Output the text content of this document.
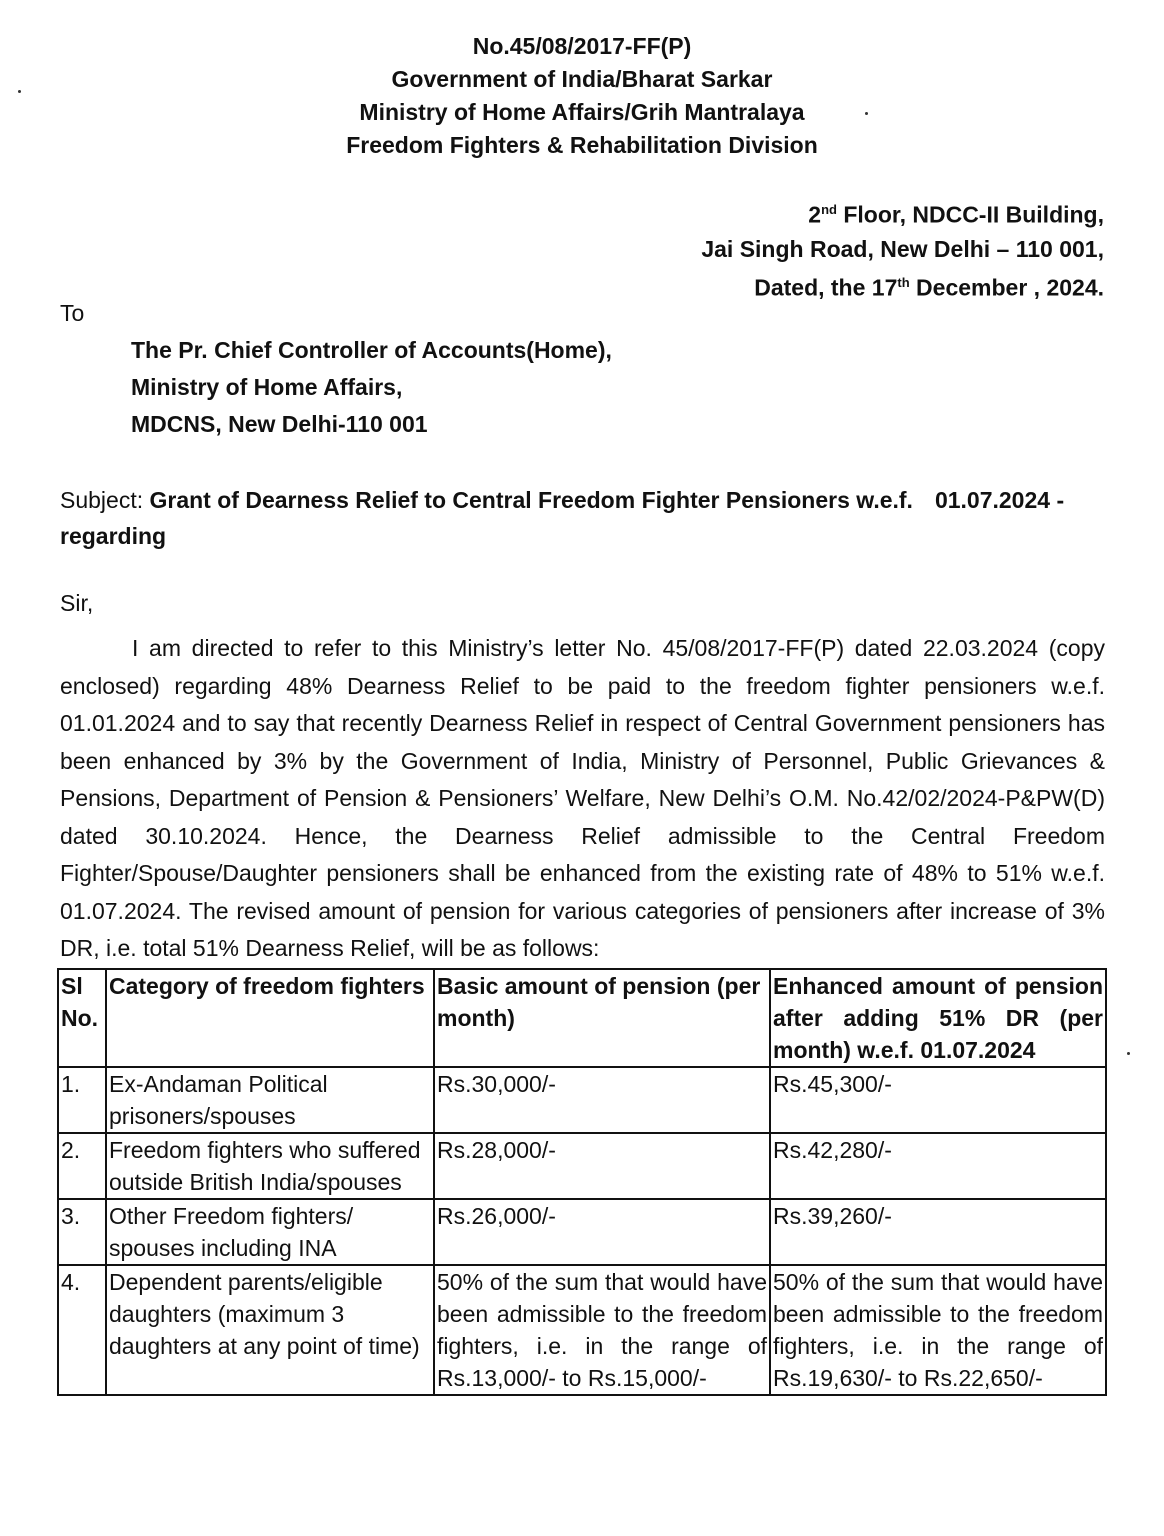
No.45/08/2017-FF(P)
Government of India/Bharat Sarkar
Ministry of Home Affairs/Grih Mantralaya
Freedom Fighters & Rehabilitation Division
2nd Floor, NDCC-II Building,
Jai Singh Road, New Delhi – 110 001,
Dated, the 17th December , 2024.
To
The Pr. Chief Controller of Accounts(Home),
Ministry of Home Affairs,
MDCNS, New Delhi-110 001
Subject: Grant of Dearness Relief to Central Freedom Fighter Pensioners w.e.f. 01.07.2024 -
regarding
Sir,

I am directed to refer to this Ministry’s letter No. 45/08/2017-FF(P) dated 22.03.2024 (copy enclosed) regarding 48% Dearness Relief to be paid to the freedom fighter pensioners w.e.f. 01.01.2024 and to say that recently Dearness Relief in respect of Central Government pensioners has been enhanced by 3% by the Government of India, Ministry of Personnel, Public Grievances & Pensions, Department of Pension & Pensioners’ Welfare, New Delhi’s O.M. No.42/02/2024-P&PW(D) dated 30.10.2024. Hence, the Dearness Relief admissible to the Central Freedom Fighter/Spouse/Daughter pensioners shall be enhanced from the existing rate of 48% to 51% w.e.f. 01.07.2024. The revised amount of pension for various categories of pensioners after increase of 3% DR, i.e. total 51% Dearness Relief, will be as follows:

Sl No.	Category of freedom fighters	Basic amount of pension (per month)	Enhanced amount of pension after adding 51% DR (per month) w.e.f. 01.07.2024
1.	Ex-Andaman Political prisoners/spouses	Rs.30,000/-	Rs.45,300/-
2.	Freedom fighters who suffered outside British India/spouses	Rs.28,000/-	Rs.42,280/-
3.	Other Freedom fighters/ spouses including INA	Rs.26,000/-	Rs.39,260/-
4.	Dependent parents/eligible daughters (maximum 3 daughters at any point of time)	50% of the sum that would have been admissible to the freedom fighters, i.e. in the range of Rs.13,000/- to Rs.15,000/-	50% of the sum that would have been admissible to the freedom fighters, i.e. in the range of Rs.19,630/- to Rs.22,650/-
